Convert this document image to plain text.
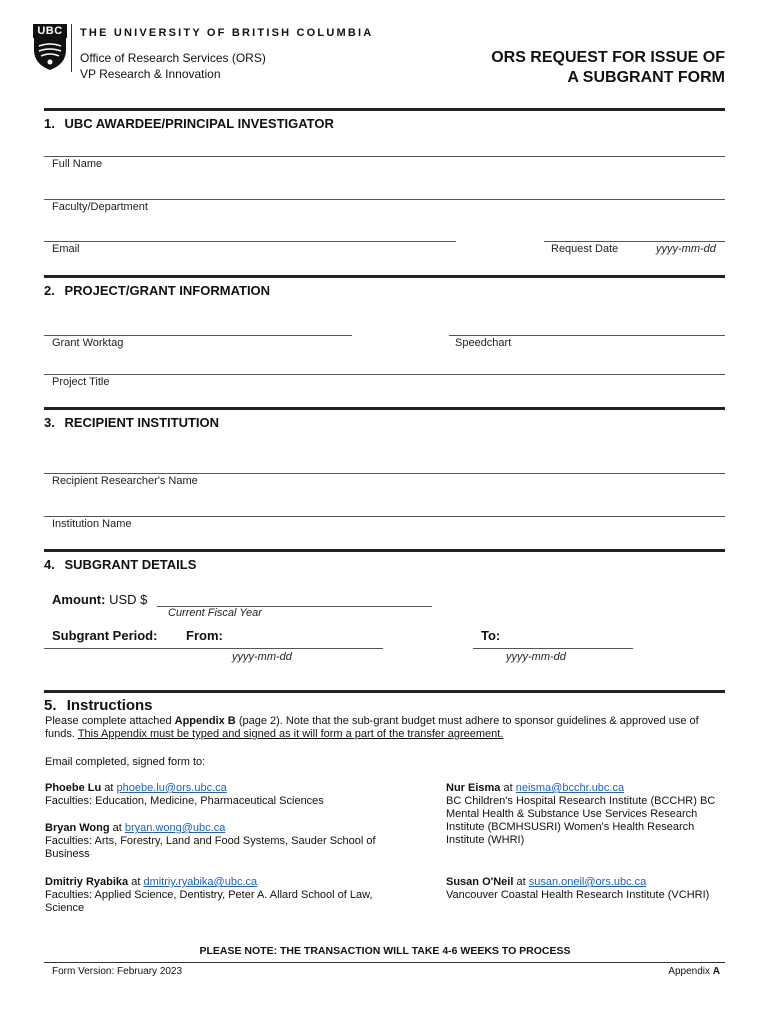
UBC	THE UNIVERSITY OF BRITISH COLUMBIA
Office of Research Services (ORS)
VP Research & Innovation
ORS REQUEST FOR ISSUE OF
A SUBGRANT FORM
1. UBC AWARDEE/PRINCIPAL INVESTIGATOR
Full Name
Faculty/Department
Email	Request Date	yyyy-mm-dd
2. PROJECT/GRANT INFORMATION
Grant Worktag	Speedchart
Project Title
3. RECIPIENT INSTITUTION
Recipient Researcher's Name
Institution Name
4. SUBGRANT DETAILS
Amount: USD $
Current Fiscal Year
Subgrant Period: From:	To:
yyyy-mm-dd	yyyy-mm-dd
5. Instructions
Please complete attached Appendix B (page 2). Note that the sub-grant budget must adhere to sponsor guidelines & approved use of
funds. This Appendix must be typed and signed as it will form a part of the transfer agreement.
Email completed, signed form to:
Phoebe Lu at phoebe.lu@ors.ubc.ca
Faculties: Education, Medicine, Pharmaceutical Sciences
Bryan Wong at bryan.wong@ubc.ca
Faculties: Arts, Forestry, Land and Food Systems, Sauder School of Business
Dmitriy Ryabika at dmitriy.ryabika@ubc.ca
Faculties: Applied Science, Dentistry, Peter A. Allard School of Law, Science
Nur Eisma at neisma@bcchr.ubc.ca
BC Children's Hospital Research Institute (BCCHR) BC Mental Health & Substance Use Services Research Institute (BCMHSUSRI) Women's Health Research Institute (WHRI)
Susan O'Neil at susan.oneil@ors.ubc.ca
Vancouver Coastal Health Research Institute (VCHRI)
PLEASE NOTE: THE TRANSACTION WILL TAKE 4-6 WEEKS TO PROCESS
Form Version: February 2023	Appendix A
